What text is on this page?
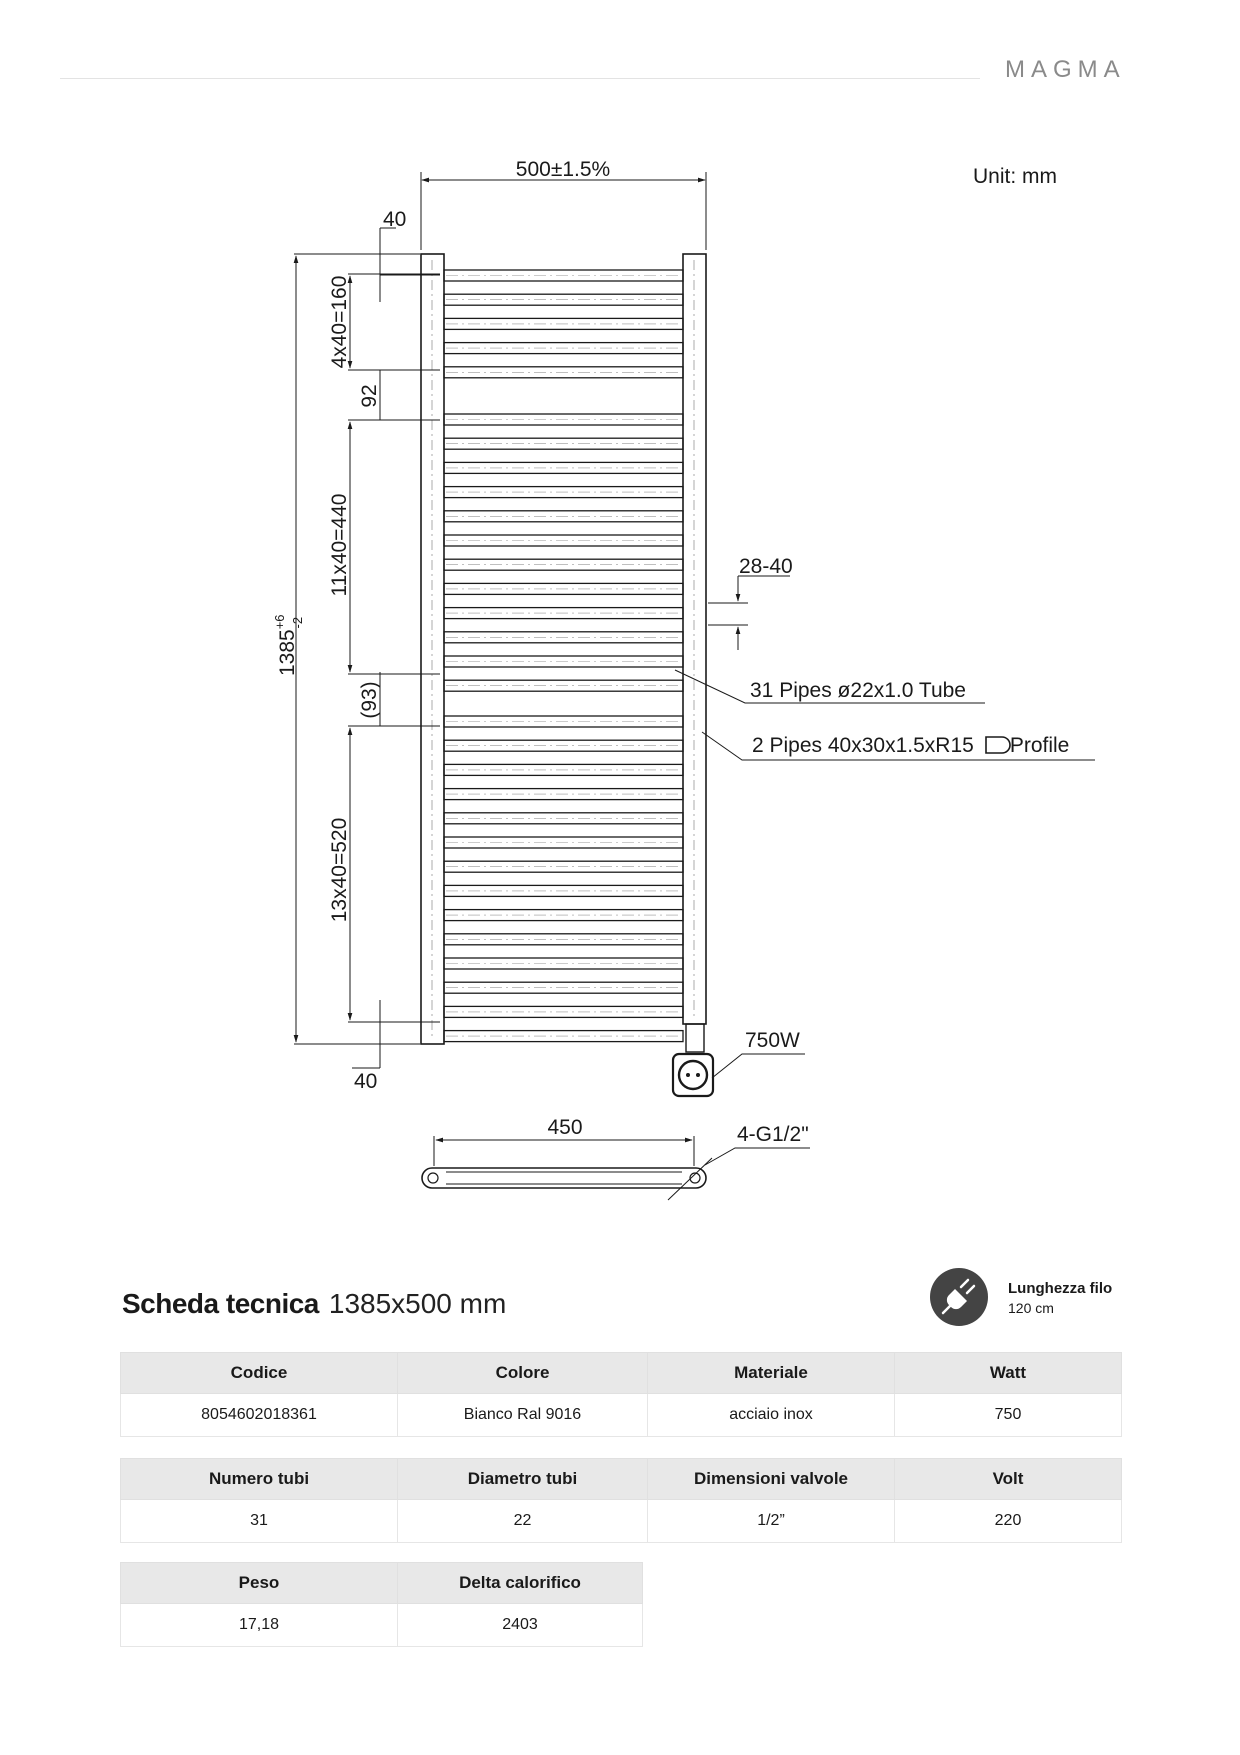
MAGMA
500±1.5%	Unit: mm
40
$1385^{+6}$ -2
4x40=160
92
11x40=440
(93)
13x40=520
40
28-40
31 Pipes ø22x1.0 Tube
2 Pipes 40x30x1.5xR15 Profile
750W
450	4-G1/2"
Scheda tecnica 1385x500 mm	Lunghezza filo
120 cm
Codice	Colore	Materiale	Watt
8054602018361	Bianco Ral 9016	acciaio inox	750
Numero tubi	Diametro tubi	Dimensioni valvole	Volt
31	22	1/2”	220
Peso	Delta calorifico
17,18	2403
